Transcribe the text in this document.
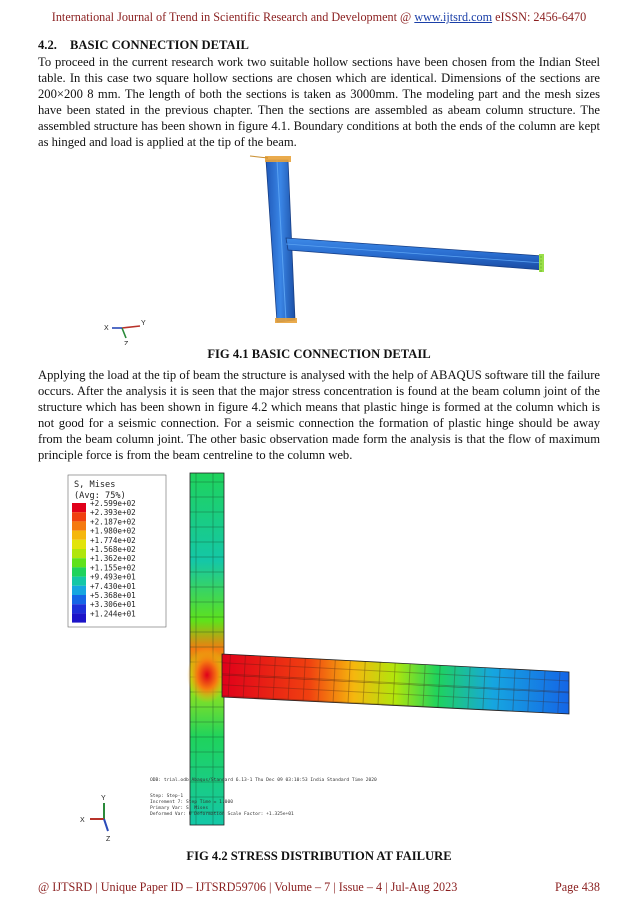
International Journal of Trend in Scientific Research and Development @ www.ijtsrd.com eISSN: 2456-6470
4.2. BASIC CONNECTION DETAIL

To proceed in the current research work two suitable hollow sections have been chosen from the Indian Steel table. In this case two square hollow sections are chosen which are identical. Dimensions of the sections are 200×200 8 mm. The length of both the sections is taken as 3000mm. The modeling part and the mesh sizes have been stated in the previous chapter. Then the sections are assembled as abeam column structure. The assembled structure has been shown in figure 4.1. Boundary conditions at both the ends of the column are kept as hinged and load is applied at the tip of the beam.

X
Y
Z
FIG 4.1 BASIC CONNECTION DETAIL

Applying the load at the tip of beam the structure is analysed with the help of ABAQUS software till the failure occurs. After the analysis it is seen that the major stress concentration is found at the beam column joint of the structure which has been shown in figure 4.2 which means that plastic hinge is formed at the column which is not good for a seismic connection. For a seismic connection the formation of plastic hinge should be away from the beam column joint. The other basic observation made form the analysis is that the flow of maximum principle force is from the beam centreline to the column web.

S, Mises
(Avg: 75%)
+2.599e+02
+2.393e+02
+2.187e+02
+1.980e+02
+1.774e+02
+1.568e+02
+1.362e+02
+1.155e+02
+9.493e+01
+7.430e+01
+5.368e+01
+3.306e+01
+1.244e+01
ODB: trial.odb Abaqus/Standard 6.13-1 Thu Dec 09 03:10:53 India Standard Time 2020
Step: Step-1
Increment 7: Step Time = 1.000
Primary Var: S, Mises
Deformed Var: U Deformation Scale Factor: +1.325e+01
Y
X
Z
FIG 4.2 STRESS DISTRIBUTION AT FAILURE
@ IJTSRD | Unique Paper ID – IJTSRD59706 | Volume – 7 | Issue – 4 | Jul-Aug 2023	Page 438
